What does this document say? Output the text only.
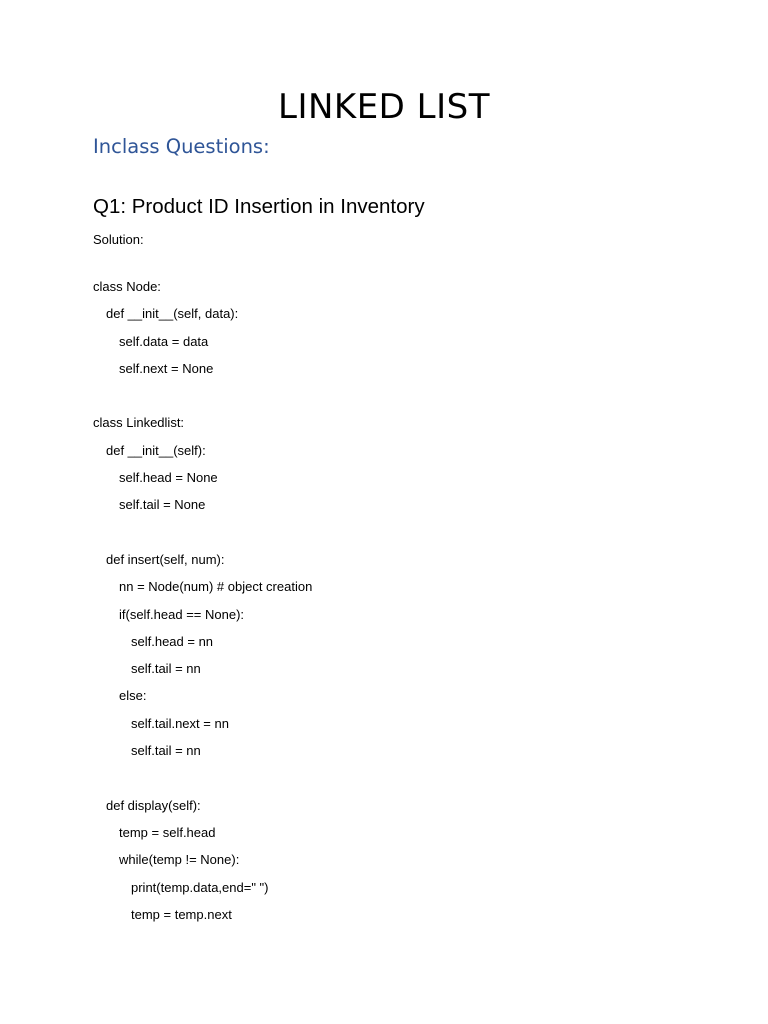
LINKED LIST
Inclass Questions:
Q1: Product ID Insertion in Inventory

Solution:

class Node:
def __init__(self, data):
self.data = data
self.next = None
class Linkedlist:
def __init__(self):
self.head = None
self.tail = None
def insert(self, num):
nn = Node(num) # object creation
if(self.head == None):
self.head = nn
self.tail = nn
else:
self.tail.next = nn
self.tail = nn
def display(self):
temp = self.head
while(temp != None):
print(temp.data,end=" ")
temp = temp.next
